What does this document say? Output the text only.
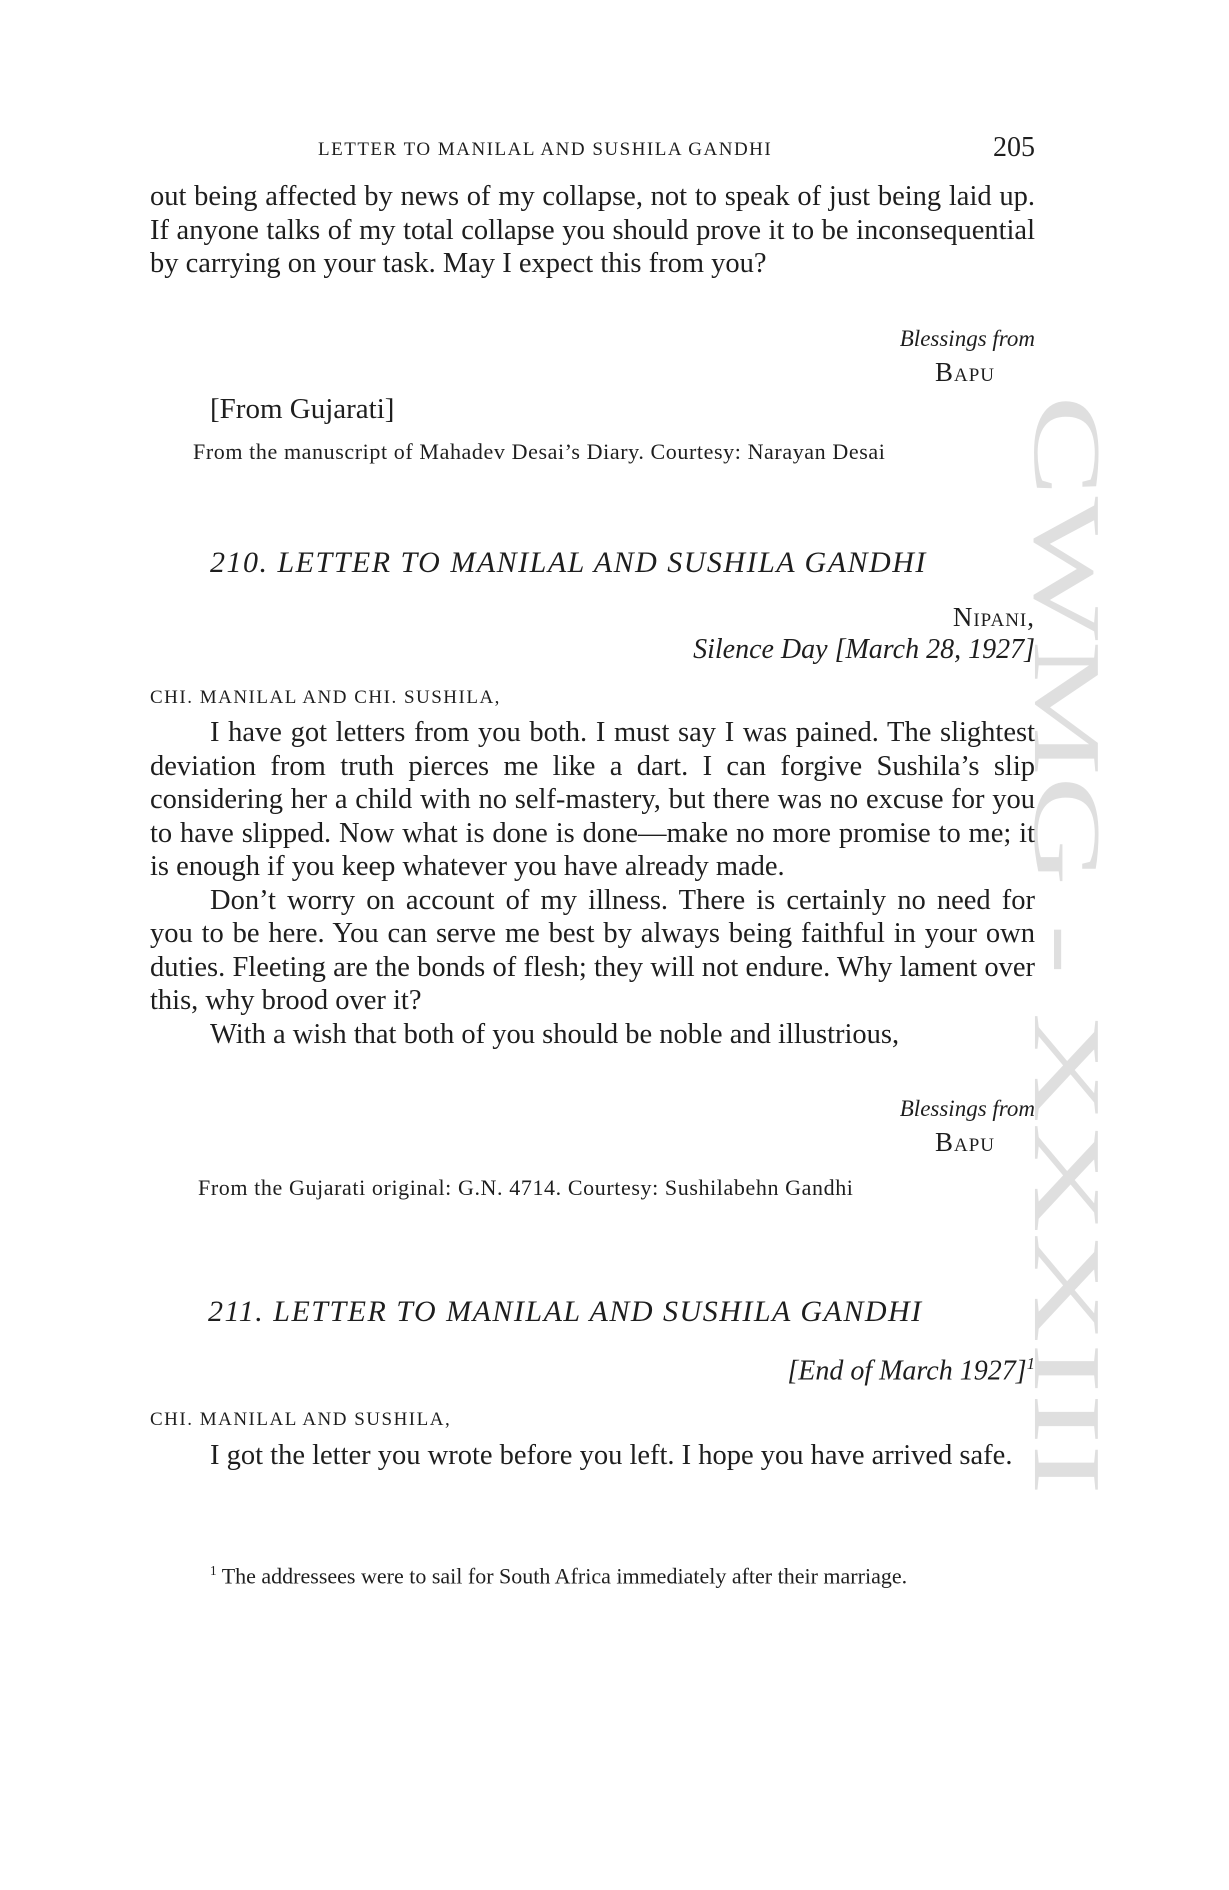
CWMG - XXXIII
LETTER TO MANILAL AND SUSHILA GANDHI	205

out being affected by news of my collapse, not to speak of just being laid up. If anyone talks of my total collapse you should prove it to be inconsequential by carrying on your task. May I expect this from you?

Blessings from
Bapu
[From Gujarati]
From the manuscript of Mahadev Desai’s Diary. Courtesy: Narayan Desai
210. LETTER TO MANILAL AND SUSHILA GANDHI
Nipani,
Silence Day [March 28, 1927]
CHI. MANILAL AND CHI. SUSHILA,

I have got letters from you both. I must say I was pained. The slightest deviation from truth pierces me like a dart. I can forgive Sushila’s slip considering her a child with no self-mastery, but there was no excuse for you to have slipped. Now what is done is done—make no more promise to me; it is enough if you keep whatever you have already made.

Don’t worry on account of my illness. There is certainly no need for you to be here. You can serve me best by always being faithful in your own duties. Fleeting are the bonds of flesh; they will not endure. Why lament over this, why brood over it?

With a wish that both of you should be noble and illustrious,

Blessings from
Bapu
From the Gujarati original: G.N. 4714. Courtesy: Sushilabehn Gandhi
211. LETTER TO MANILAL AND SUSHILA GANDHI
[End of March 1927]$^1$
CHI. MANILAL AND SUSHILA,

I got the letter you wrote before you left. I hope you have arrived safe.

$^1$ The addressees were to sail for South Africa immediately after their marriage.
